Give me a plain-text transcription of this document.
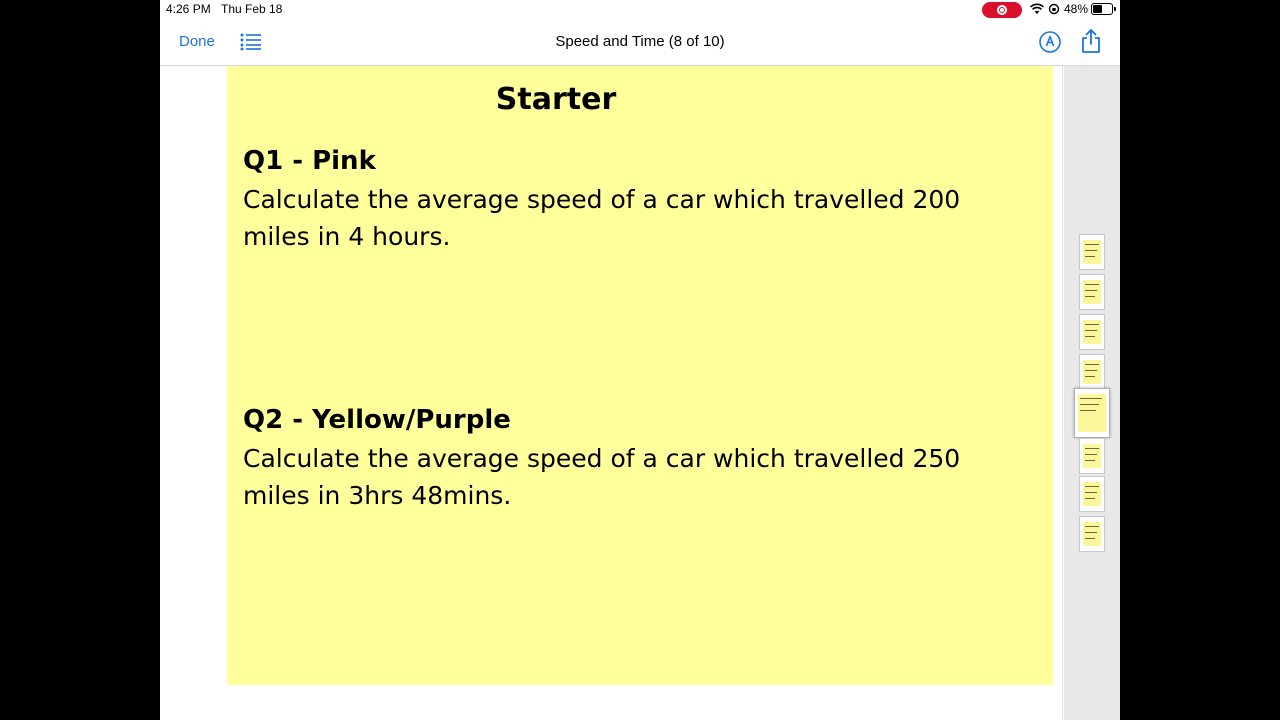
4:26 PM Thu Feb 18	48%
Done	Speed and Time (8 of 10)
Starter
Q1 - Pink
Calculate the average speed of a car which travelled 200 miles in 4 hours.
Q2 - Yellow/Purple
Calculate the average speed of a car which travelled 250 miles in 3hrs 48mins.
